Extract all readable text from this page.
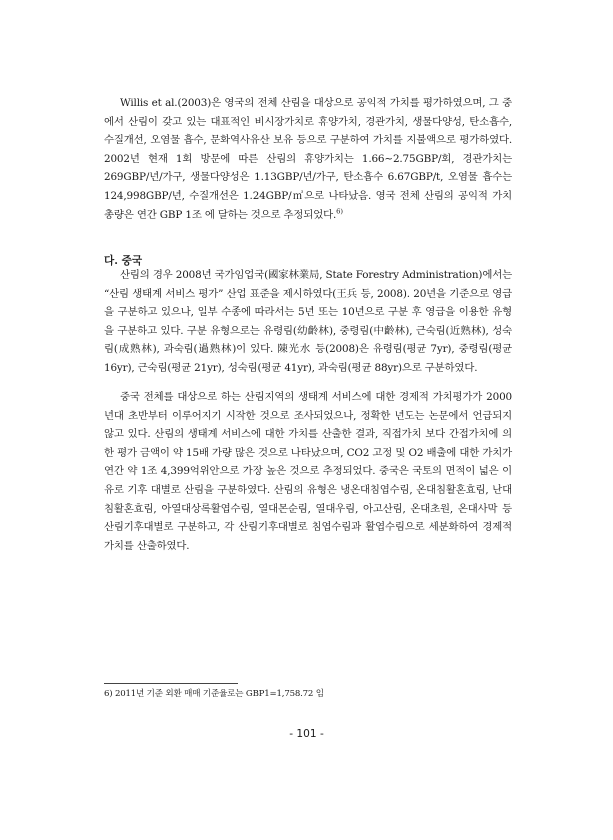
Willis et al.(2003)은 영국의 전체 산림을 대상으로 공익적 가치를 평가하였으며, 그 중에서 산림이 갖고 있는 대표적인 비시장가치로 휴양가치, 경관가치, 생물다양성, 탄소흡수, 수질개선, 오염물 흡수, 문화역사유산 보유 등으로 구분하여 가치를 지불액으로 평가하였다. 2002년 현재 1회 방문에 따른 산림의 휴양가치는 1.66∼2.75GBP/회, 경관가치는 269GBP/년/가구, 생물다양성은 1.13GBP/년/가구, 탄소흡수 6.67GBP/t, 오염물 흡수는 124,998GBP/년, 수질개선은 1.24GBP/㎥으로 나타났음. 영국 전체 산림의 공익적 가치 총량은 연간 GBP 1조 에 달하는 것으로 추정되었다.$^{6)}$

다. 중국

산림의 경우 2008년 국가임업국(國家林業局, State Forestry Administration)에서는 “산림 생태계 서비스 평가” 산업 표준을 제시하였다(王兵 등, 2008). 20년을 기준으로 영급을 구분하고 있으나, 일부 수종에 따라서는 5년 또는 10년으로 구분 후 영급을 이용한 유형을 구분하고 있다. 구분 유형으로는 유령림(幼齡林), 중령림(中齡林), 근숙림(近熟林), 성숙림(成熟林), 과숙림(過熟林)이 있다. 陳光水 등(2008)은 유령림(평균 7yr), 중령림(평균 16yr), 근숙림(평균 21yr), 성숙림(평균 41yr), 과숙림(평균 88yr)으로 구분하였다.

중국 전체를 대상으로 하는 산림지역의 생태계 서비스에 대한 경제적 가치평가가 2000년대 초반부터 이루어지기 시작한 것으로 조사되었으나, 정확한 년도는 논문에서 언급되지 않고 있다. 산림의 생태계 서비스에 대한 가치를 산출한 결과, 직접가치 보다 간접가치에 의한 평가 금액이 약 15배 가량 많은 것으로 나타났으며, CO2 고정 및 O2 배출에 대한 가치가 연간 약 1조 4,399억위안으로 가장 높은 것으로 추정되었다. 중국은 국토의 면적이 넓은 이유로 기후 대별로 산림을 구분하였다. 산림의 유형은 냉온대침엽수림, 온대침활혼효림, 난대침활혼효림, 아열대상록활엽수림, 열대몬순림, 열대우림, 아고산림, 온대초원, 온대사막 등 산림기후대별로 구분하고, 각 산림기후대별로 침엽수림과 활엽수림으로 세분화하여 경제적 가치를 산출하였다.

6) 2011년 기준 외환 매매 기준율로는 GBP1=1,758.72 임

- 101 -
